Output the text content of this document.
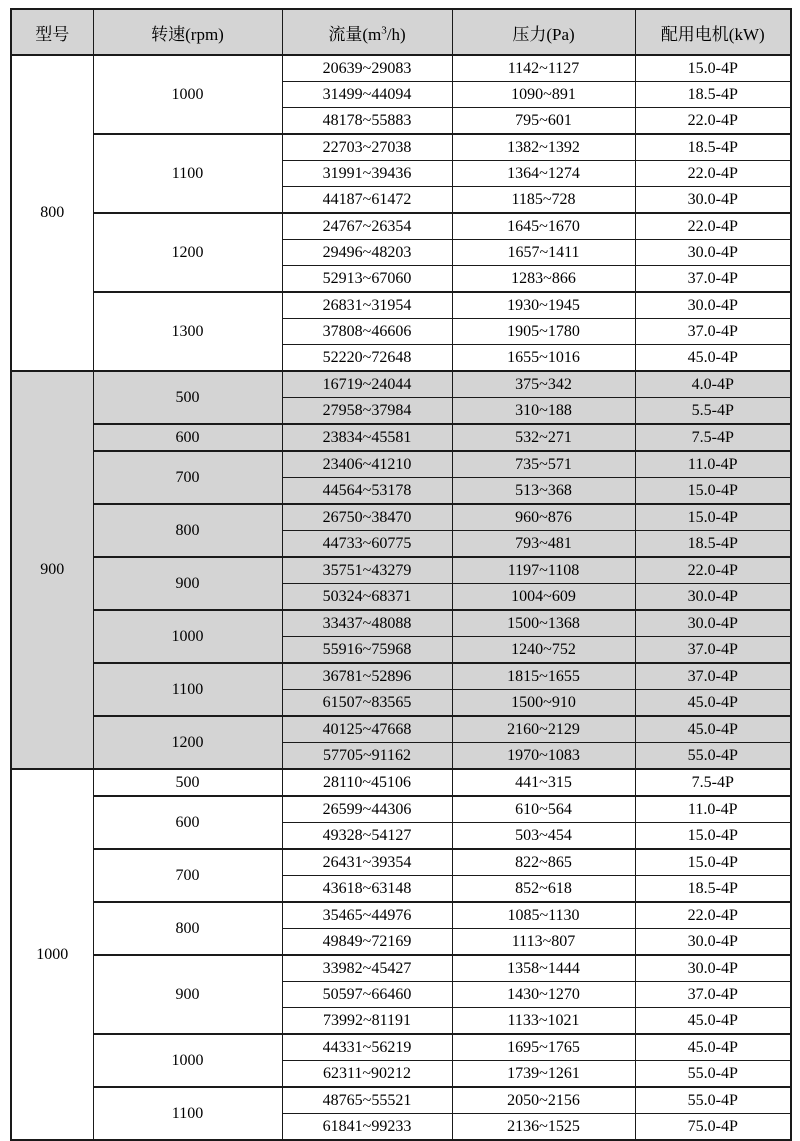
型号	转速(rpm)	流量$(m^3/h)$	压力(Pa)	配用电机(kW)
800	1000	20639~29083	1142~1127	15.0-4P
		31499~44094	1090~891	18.5-4P
		48178~55883	795~601	22.0-4P
	1100	22703~27038	1382~1392	18.5-4P
		31991~39436	1364~1274	22.0-4P
		44187~61472	1185~728	30.0-4P
	1200	24767~26354	1645~1670	22.0-4P
		29496~48203	1657~1411	30.0-4P
		52913~67060	1283~866	37.0-4P
	1300	26831~31954	1930~1945	30.0-4P
		37808~46606	1905~1780	37.0-4P
		52220~72648	1655~1016	45.0-4P
900	500	16719~24044	375~342	4.0-4P
		27958~37984	310~188	5.5-4P
	600	23834~45581	532~271	7.5-4P
	700	23406~41210	735~571	11.0-4P
		44564~53178	513~368	15.0-4P
	800	26750~38470	960~876	15.0-4P
		44733~60775	793~481	18.5-4P
	900	35751~43279	1197~1108	22.0-4P
		50324~68371	1004~609	30.0-4P
	1000	33437~48088	1500~1368	30.0-4P
		55916~75968	1240~752	37.0-4P
	1100	36781~52896	1815~1655	37.0-4P
		61507~83565	1500~910	45.0-4P
	1200	40125~47668	2160~2129	45.0-4P
		57705~91162	1970~1083	55.0-4P
1000	500	28110~45106	441~315	7.5-4P
	600	26599~44306	610~564	11.0-4P
		49328~54127	503~454	15.0-4P
	700	26431~39354	822~865	15.0-4P
		43618~63148	852~618	18.5-4P
	800	35465~44976	1085~1130	22.0-4P
		49849~72169	1113~807	30.0-4P
	900	33982~45427	1358~1444	30.0-4P
		50597~66460	1430~1270	37.0-4P
		73992~81191	1133~1021	45.0-4P
	1000	44331~56219	1695~1765	45.0-4P
		62311~90212	1739~1261	55.0-4P
	1100	48765~55521	2050~2156	55.0-4P
		61841~99233	2136~1525	75.0-4P
